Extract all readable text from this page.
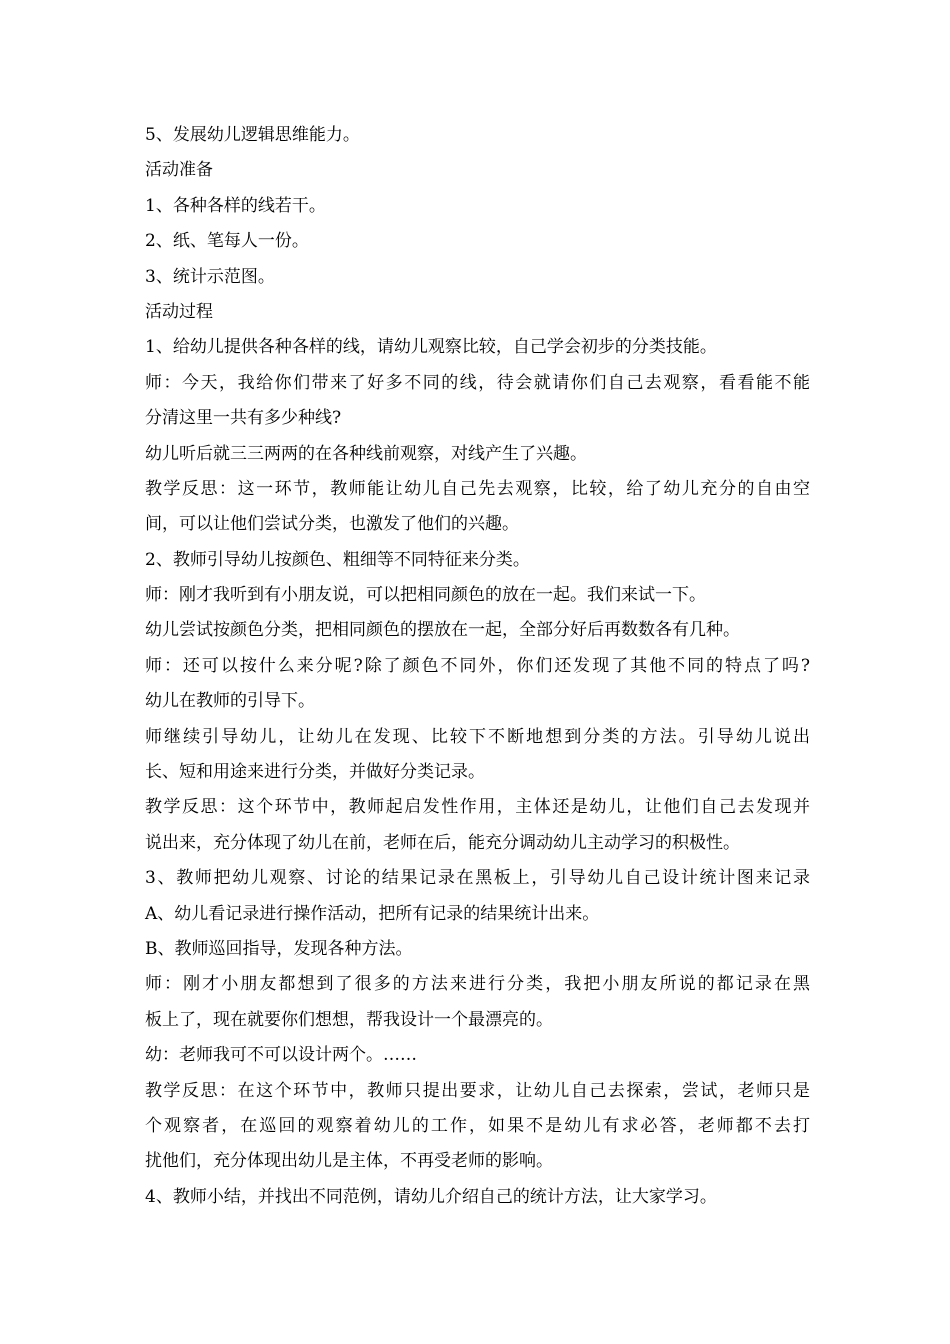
5、发展幼儿逻辑思维能力。
活动准备
1、各种各样的线若干。
2、纸、笔每人一份。
3、统计示范图。
活动过程
1、给幼儿提供各种各样的线，请幼儿观察比较，自己学会初步的分类技能。
师：今天，我给你们带来了好多不同的线，待会就请你们自己去观察，看看能不能
分清这里一共有多少种线?
幼儿听后就三三两两的在各种线前观察，对线产生了兴趣。
教学反思：这一环节，教师能让幼儿自己先去观察，比较，给了幼儿充分的自由空
间，可以让他们尝试分类，也激发了他们的兴趣。
2、教师引导幼儿按颜色、粗细等不同特征来分类。
师：刚才我听到有小朋友说，可以把相同颜色的放在一起。我们来试一下。
幼儿尝试按颜色分类，把相同颜色的摆放在一起，全部分好后再数数各有几种。
师：还可以按什么来分呢?除了颜色不同外，你们还发现了其他不同的特点了吗?
幼儿在教师的引导下。
师继续引导幼儿，让幼儿在发现、比较下不断地想到分类的方法。引导幼儿说出
长、短和用途来进行分类，并做好分类记录。
教学反思：这个环节中，教师起启发性作用，主体还是幼儿，让他们自己去发现并
说出来，充分体现了幼儿在前，老师在后，能充分调动幼儿主动学习的积极性。
3、教师把幼儿观察、讨论的结果记录在黑板上，引导幼儿自己设计统计图来记录
A、幼儿看记录进行操作活动，把所有记录的结果统计出来。
B、教师巡回指导，发现各种方法。
师：刚才小朋友都想到了很多的方法来进行分类，我把小朋友所说的都记录在黑
板上了，现在就要你们想想，帮我设计一个最漂亮的。
幼：老师我可不可以设计两个。……
教学反思：在这个环节中，教师只提出要求，让幼儿自己去探索，尝试，老师只是
个观察者，在巡回的观察着幼儿的工作，如果不是幼儿有求必答，老师都不去打
扰他们，充分体现出幼儿是主体，不再受老师的影响。
4、教师小结，并找出不同范例，请幼儿介绍自己的统计方法，让大家学习。
